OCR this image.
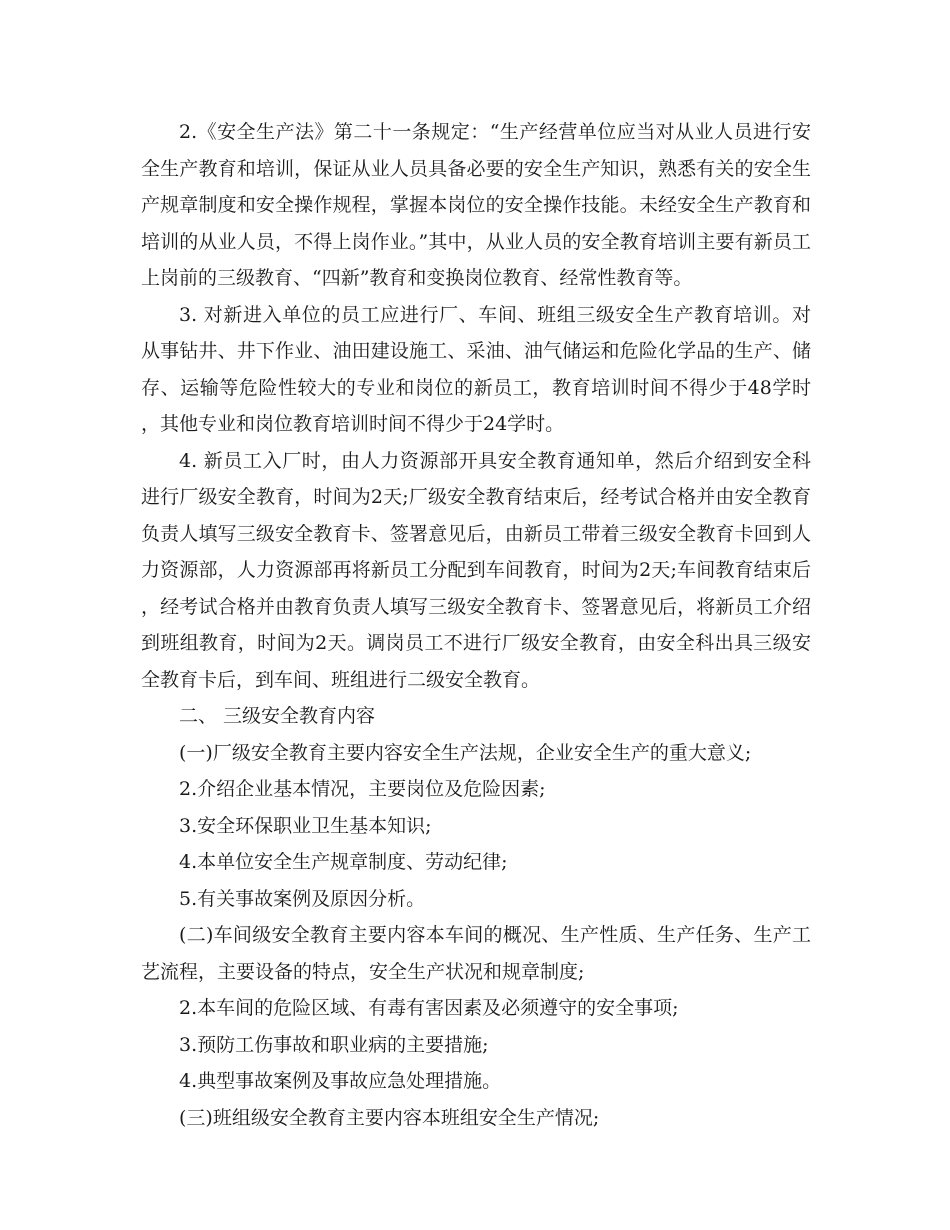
2.《安全生产法》第二十一条规定：“生产经营单位应当对从业人员进行安全生产教育和培训，保证从业人员具备必要的安全生产知识，熟悉有关的安全生产规章制度和安全操作规程，掌握本岗位的安全操作技能。未经安全生产教育和培训的从业人员，不得上岗作业。”其中，从业人员的安全教育培训主要有新员工上岗前的三级教育、“四新”教育和变换岗位教育、经常性教育等。

3. 对新进入单位的员工应进行厂、车间、班组三级安全生产教育培训。对从事钻井、井下作业、油田建设施工、采油、油气储运和危险化学品的生产、储存、运输等危险性较大的专业和岗位的新员工，教育培训时间不得少于48学时，其他专业和岗位教育培训时间不得少于24学时。

4. 新员工入厂时，由人力资源部开具安全教育通知单，然后介绍到安全科进行厂级安全教育，时间为2天;厂级安全教育结束后，经考试合格并由安全教育负责人填写三级安全教育卡、签署意见后，由新员工带着三级安全教育卡回到人力资源部，人力资源部再将新员工分配到车间教育，时间为2天;车间教育结束后，经考试合格并由教育负责人填写三级安全教育卡、签署意见后，将新员工介绍到班组教育，时间为2天。调岗员工不进行厂级安全教育，由安全科出具三级安全教育卡后，到车间、班组进行二级安全教育。

二、 三级安全教育内容

(一)厂级安全教育主要内容安全生产法规，企业安全生产的重大意义;

2.介绍企业基本情况，主要岗位及危险因素;

3.安全环保职业卫生基本知识;

4.本单位安全生产规章制度、劳动纪律;

5.有关事故案例及原因分析。

(二)车间级安全教育主要内容本车间的概况、生产性质、生产任务、生产工艺流程，主要设备的特点，安全生产状况和规章制度;

2.本车间的危险区域、有毒有害因素及必须遵守的安全事项;

3.预防工伤事故和职业病的主要措施;

4.典型事故案例及事故应急处理措施。

(三)班组级安全教育主要内容本班组安全生产情况;
